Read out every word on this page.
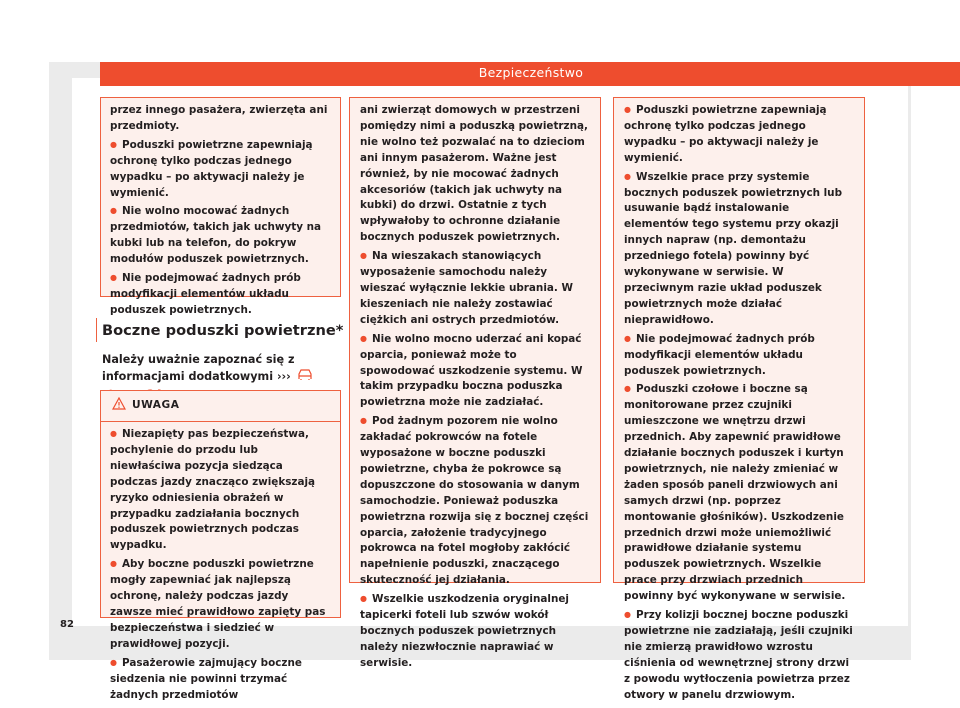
Bezpieczeństwo

przez innego pasażera, zwierzęta ani przedmioty.

● Poduszki powietrzne zapewniają ochronę tylko podczas jednego wypadku – po aktywacji należy je wymienić.

● Nie wolno mocować żadnych przedmiotów, takich jak uchwyty na kubki lub na telefon, do pokryw modułów poduszek powietrznych.

● Nie podejmować żadnych prób modyfikacji elementów układu poduszek powietrznych.

Boczne poduszki powietrzne*
Należy uważnie zapoznać się z informacjami dodatkowymi ›››
UWAGA

● Niezapięty pas bezpieczeństwa, pochylenie do przodu lub niewłaściwa pozycja siedząca podczas jazdy znacząco zwiększają ryzyko odniesienia obrażeń w przypadku zadziałania bocznych poduszek powietrznych podczas wypadku.

● Aby boczne poduszki powietrzne mogły zapewniać jak najlepszą ochronę, należy podczas jazdy zawsze mieć prawidłowo zapięty pas bezpieczeństwa i siedzieć w prawidłowej pozycji.

● Pasażerowie zajmujący boczne siedzenia nie powinni trzymać żadnych przedmiotów

ani zwierząt domowych w przestrzeni pomiędzy nimi a poduszką powietrzną, nie wolno też pozwalać na to dzieciom ani innym pasażerom. Ważne jest również, by nie mocować żadnych akcesoriów (takich jak uchwyty na kubki) do drzwi. Ostatnie z tych wpływałoby to ochronne działanie bocznych poduszek powietrznych.

● Na wieszakach stanowiących wyposażenie samochodu należy wieszać wyłącznie lekkie ubrania. W kieszeniach nie należy zostawiać ciężkich ani ostrych przedmiotów.

● Nie wolno mocno uderzać ani kopać oparcia, ponieważ może to spowodować uszkodzenie systemu. W takim przypadku boczna poduszka powietrzna może nie zadziałać.

● Pod żadnym pozorem nie wolno zakładać pokrowców na fotele wyposażone w boczne poduszki powietrzne, chyba że pokrowce są dopuszczone do stosowania w danym samochodzie. Ponieważ poduszka powietrzna rozwija się z bocznej części oparcia, założenie tradycyjnego pokrowca na fotel mogłoby zakłócić napełnienie poduszki, znaczącego skuteczność jej działania.

● Wszelkie uszkodzenia oryginalnej tapicerki foteli lub szwów wokół bocznych poduszek powietrznych należy niezwłocznie naprawiać w serwisie.

● Poduszki powietrzne zapewniają ochronę tylko podczas jednego wypadku – po aktywacji należy je wymienić.

● Wszelkie prace przy systemie bocznych poduszek powietrznych lub usuwanie bądź instalowanie elementów tego systemu przy okazji innych napraw (np. demontażu przedniego fotela) powinny być wykonywane w serwisie. W przeciwnym razie układ poduszek powietrznych może działać nieprawidłowo.

● Nie podejmować żadnych prób modyfikacji elementów układu poduszek powietrznych.

● Poduszki czołowe i boczne są monitorowane przez czujniki umieszczone we wnętrzu drzwi przednich. Aby zapewnić prawidłowe działanie bocznych poduszek i kurtyn powietrznych, nie należy zmieniać w żaden sposób paneli drzwiowych ani samych drzwi (np. poprzez montowanie głośników). Uszkodzenie przednich drzwi może uniemożliwić prawidłowe działanie systemu poduszek powietrznych. Wszelkie prace przy drzwiach przednich powinny być wykonywane w serwisie.

● Przy kolizji bocznej boczne poduszki powietrzne nie zadziałają, jeśli czujniki nie zmierzą prawidłowo wzrostu ciśnienia od wewnętrznej strony drzwi z powodu wytłoczenia powietrza przez otwory w panelu drzwiowym.

82
